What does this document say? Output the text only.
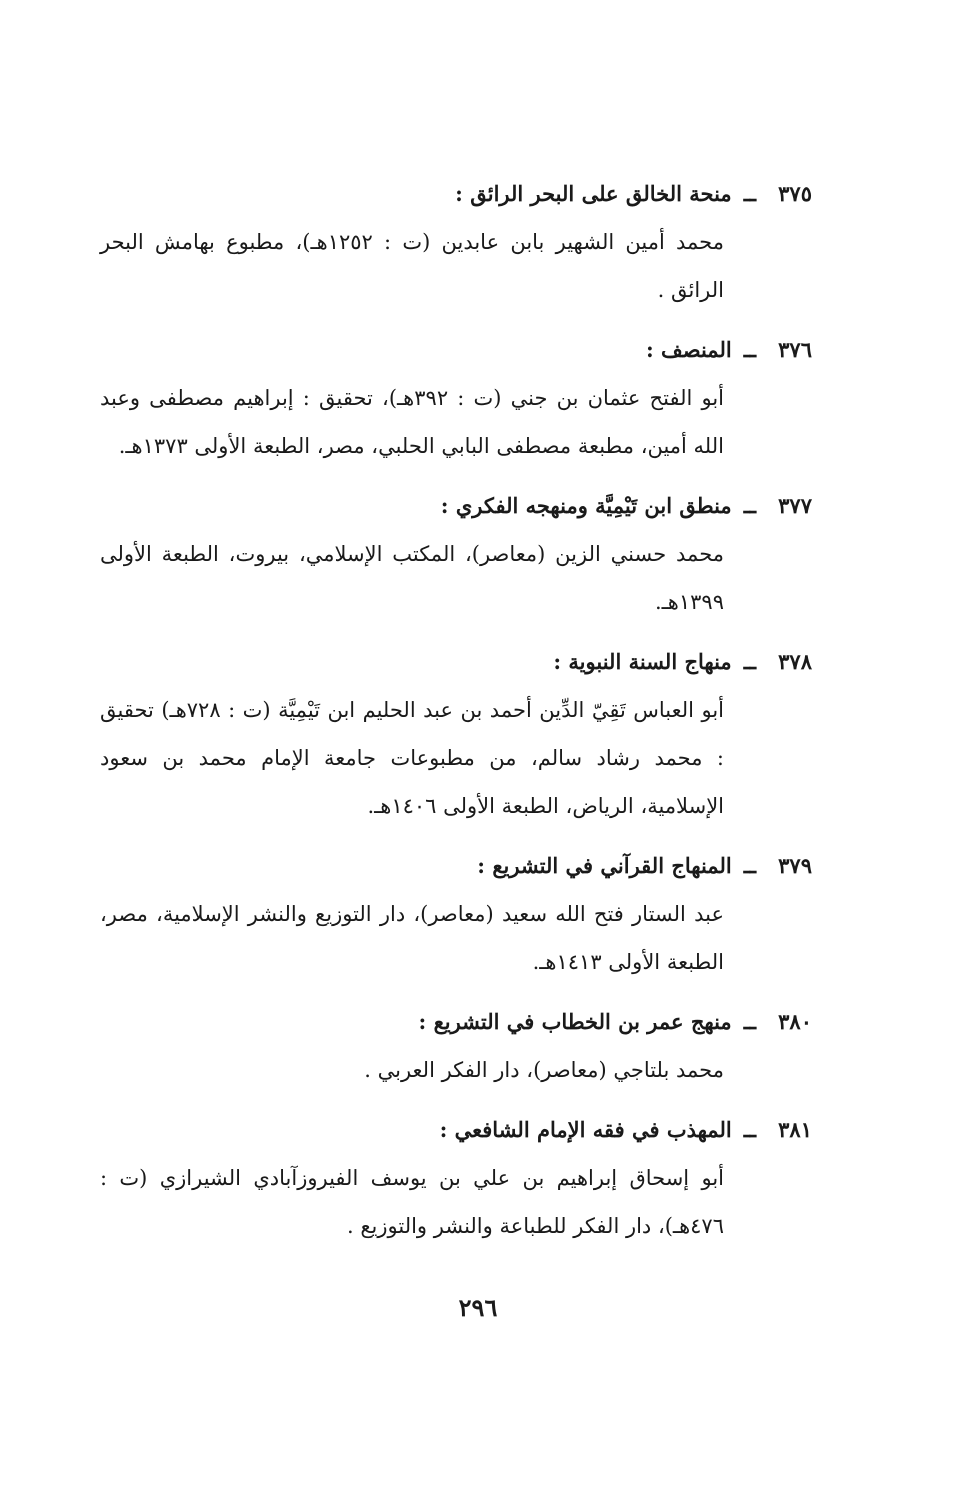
٣٧٥
ــ
منحة الخالق على البحر الرائق :
محمد أمين الشهير بابن عابدين (ت : ١٢٥٢هـ)، مطبوع بهامش البحر الرائق .
٣٧٦
ــ
المنصف :
أبو الفتح عثمان بن جني (ت : ٣٩٢هـ)، تحقيق : إبراهيم مصطفى وعبد الله أمين، مطبعة مصطفى البابي الحلبي، مصر، الطبعة الأولى ١٣٧٣هـ.
٣٧٧
ــ
منطق ابن تَيْمِيَّة ومنهجه الفكري :
محمد حسني الزين (معاصر)، المكتب الإسلامي، بيروت، الطبعة الأولى ١٣٩٩هـ.
٣٧٨
ــ
منهاج السنة النبوية :
أبو العباس تَقِيّ الدِّين أحمد بن عبد الحليم ابن تَيْمِيَّة (ت : ٧٢٨هـ) تحقيق : محمد رشاد سالم، من مطبوعات جامعة الإمام محمد بن سعود الإسلامية، الرياض، الطبعة الأولى ١٤٠٦هـ.
٣٧٩
ــ
المنهاج القرآني في التشريع :
عبد الستار فتح الله سعيد (معاصر)، دار التوزيع والنشر الإسلامية، مصر، الطبعة الأولى ١٤١٣هـ.
٣٨٠
ــ
منهج عمر بن الخطاب في التشريع :
محمد بلتاجي (معاصر)، دار الفكر العربي .
٣٨١
ــ
المهذب في فقه الإمام الشافعي :
أبو إسحاق إبراهيم بن علي بن يوسف الفيروزآبادي الشيرازي (ت : ٤٧٦هـ)، دار الفكر للطباعة والنشر والتوزيع .
٢٩٦
